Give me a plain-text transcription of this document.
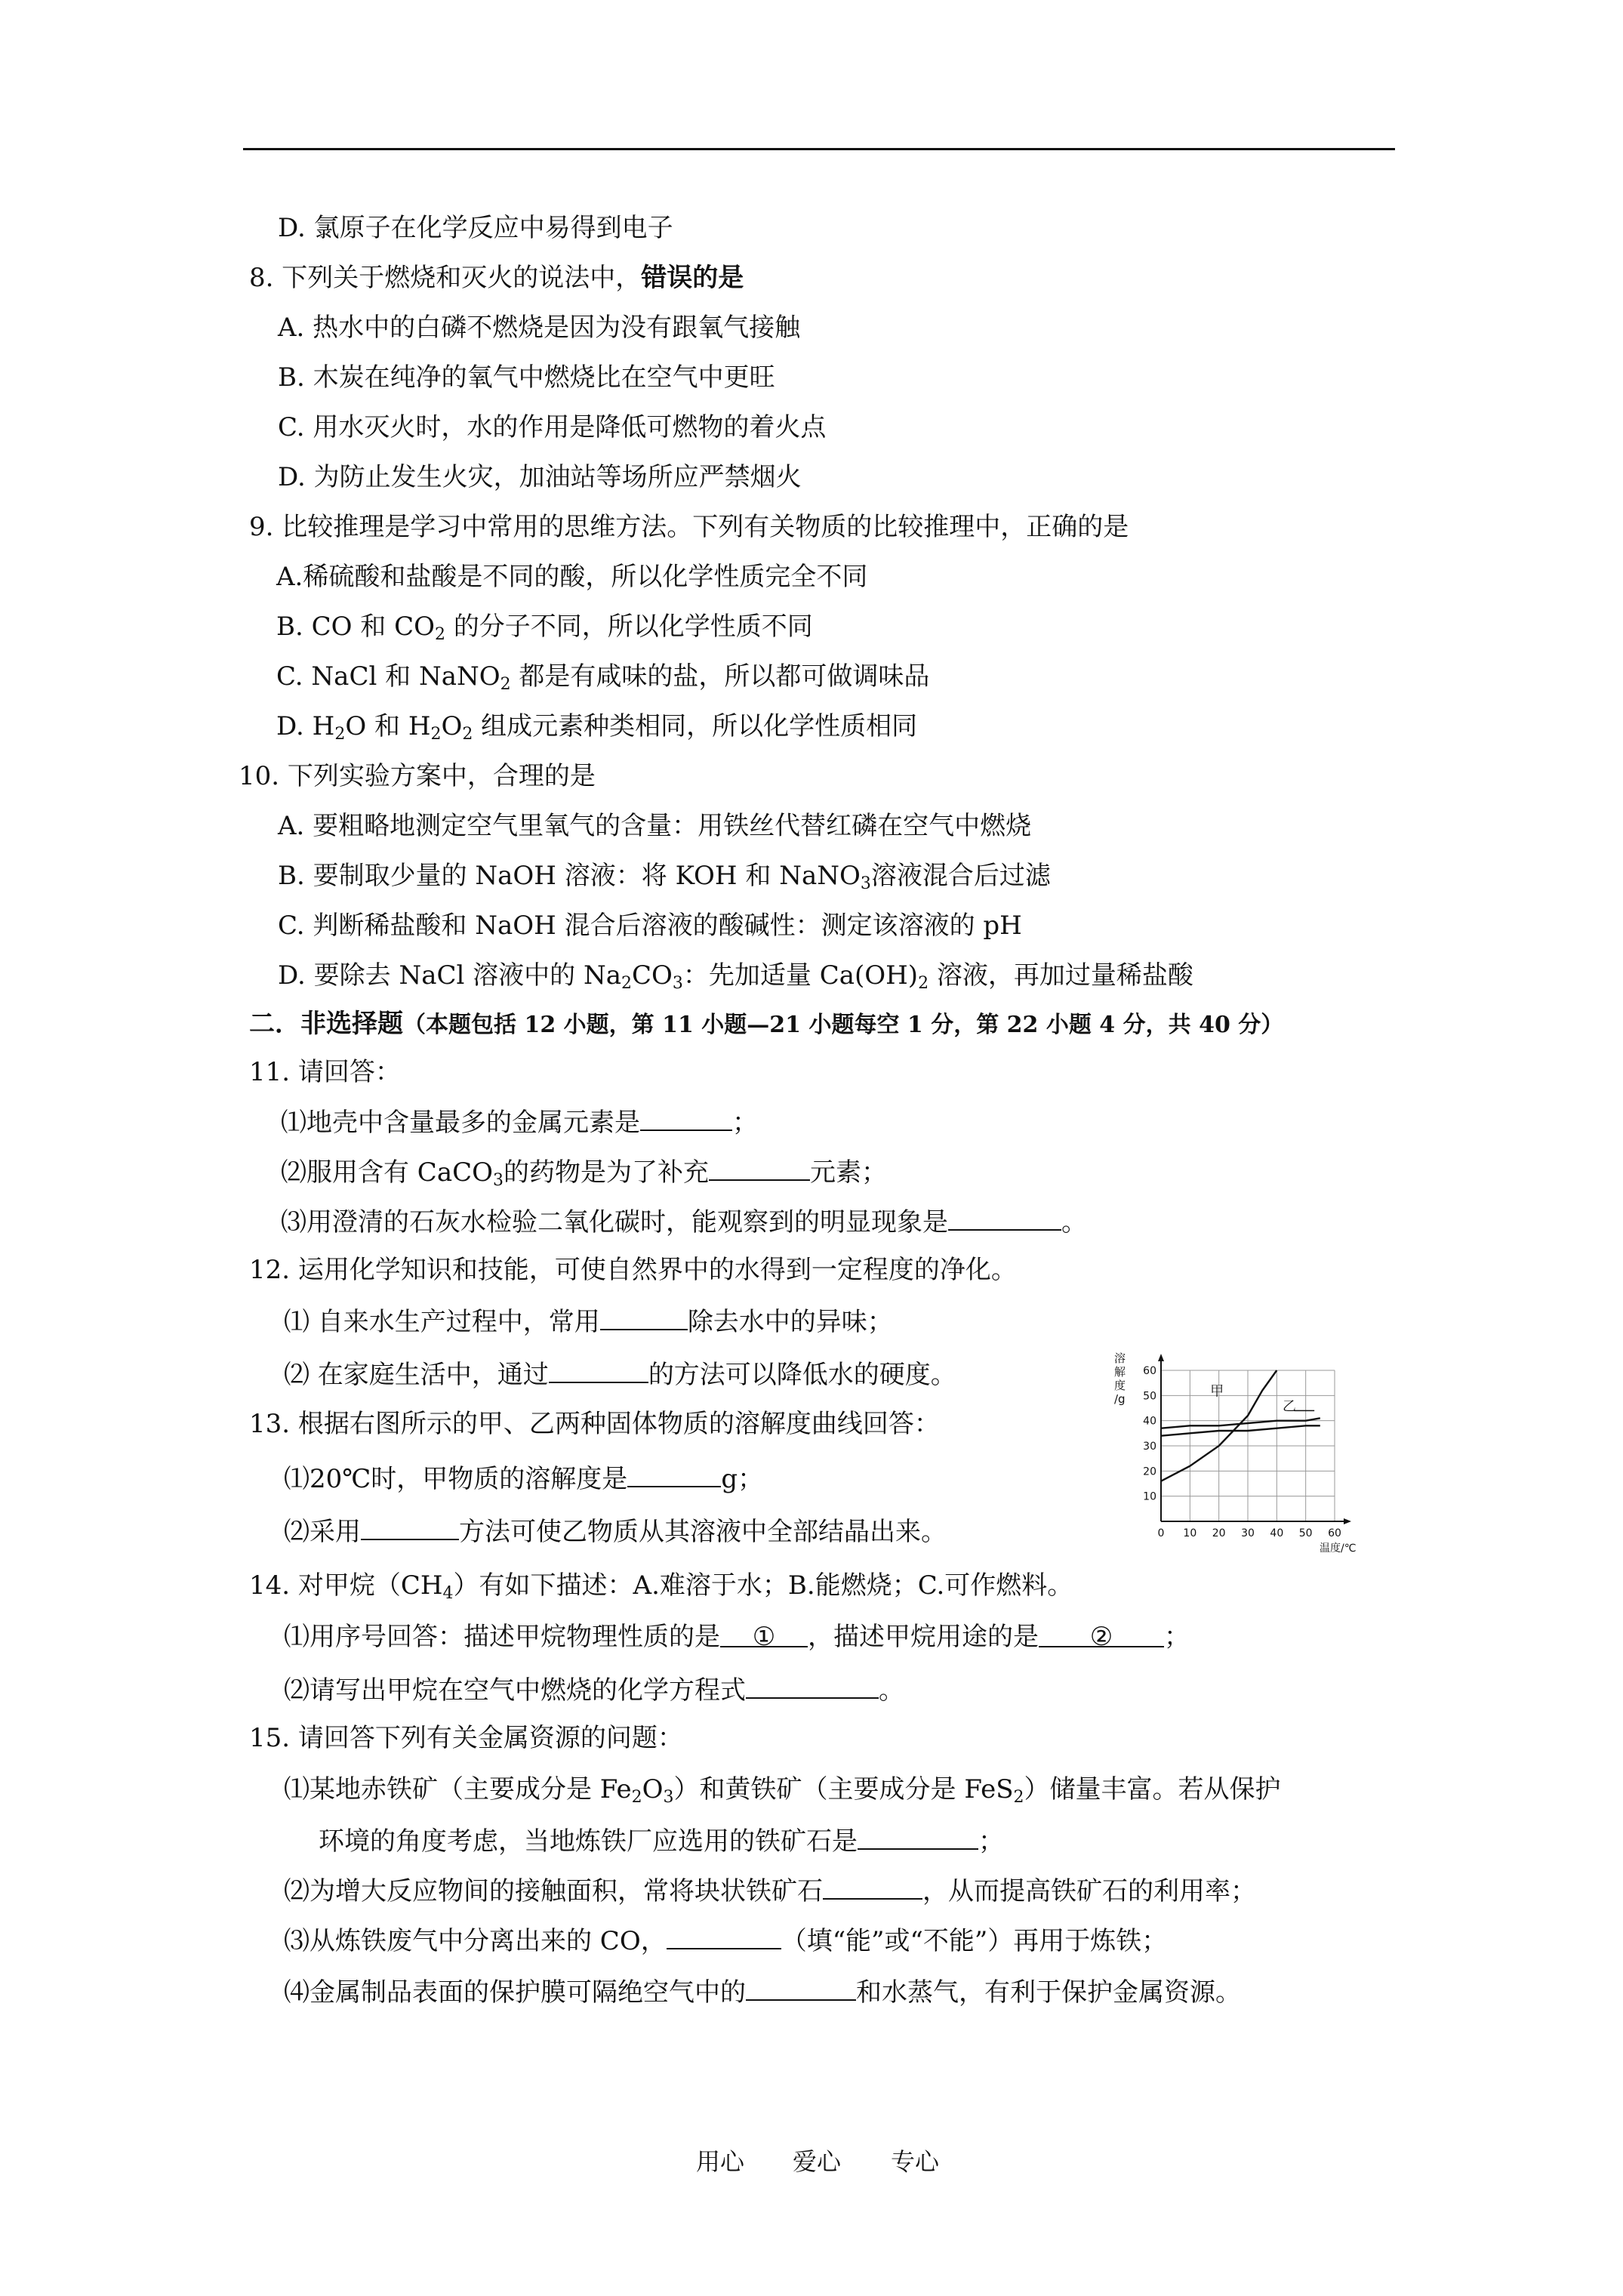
D. 氯原子在化学反应中易得到电子
8. 下列关于燃烧和灭火的说法中，错误的是
A. 热水中的白磷不燃烧是因为没有跟氧气接触
B. 木炭在纯净的氧气中燃烧比在空气中更旺
C. 用水灭火时，水的作用是降低可燃物的着火点
D. 为防止发生火灾，加油站等场所应严禁烟火
9. 比较推理是学习中常用的思维方法。下列有关物质的比较推理中，正确的是
A.稀硫酸和盐酸是不同的酸，所以化学性质完全不同
B. CO 和 $CO_2$ 的分子不同，所以化学性质不同
C. NaCl 和 NaNO$_2$ 都是有咸味的盐，所以都可做调味品
D. $H_2O$ 和 $H_2O_2$ 组成元素种类相同，所以化学性质相同
10. 下列实验方案中，合理的是
A. 要粗略地测定空气里氧气的含量：用铁丝代替红磷在空气中燃烧
B. 要制取少量的 NaOH 溶液：将 KOH 和 NaNO$_3$溶液混合后过滤
C. 判断稀盐酸和 NaOH 混合后溶液的酸碱性：测定该溶液的 pH
D. 要除去 NaCl 溶液中的 $Na_2CO_3$：先加适量 $Ca(OH)_2$ 溶液，再加过量稀盐酸
二．非选择题（本题包括 12 小题，第 11 小题—21 小题每空 1 分，第 22 小题 4 分，共 40 分）
11. 请回答：
⑴地壳中含量最多的金属元素是	；
⑵服用含有 CaCO$_3$的药物是为了补充	元素；
⑶用澄清的石灰水检验二氧化碳时，能观察到的明显现象是	。
12. 运用化学知识和技能，可使自然界中的水得到一定程度的净化。
⑴ 自来水生产过程中，常用	除去水中的异味；
⑵ 在家庭生活中，通过	的方法可以降低水的硬度。
13. 根据右图所示的甲、乙两种固体物质的溶解度曲线回答：
⑴20℃时，甲物质的溶解度是	g；
⑵采用	方法可使乙物质从其溶液中全部结晶出来。
10
20
30
40
50
60
0 10 20 30 40 50 60
溶
解
度
/g
温度/℃
甲
乙
14. 对甲烷$(CH_4)$有如下描述：A.难溶于水；B.能燃烧；C.可作燃料。
⑴用序号回答：描述甲烷物理性质的是 ① ，描述甲烷用途的是 ② ；
⑵请写出甲烷在空气中燃烧的化学方程式	。
15. 请回答下列有关金属资源的问题：
⑴某地赤铁矿（主要成分是 $Fe_2O_3$）和黄铁矿（主要成分是 FeS$_2$）储量丰富。若从保护
环境的角度考虑，当地炼铁厂应选用的铁矿石是	；
⑵为增大反应物间的接触面积，常将块状铁矿石	，从而提高铁矿石的利用率；
⑶从炼铁废气中分离出来的 CO，	（填“能”或“不能”）再用于炼铁；
⑷金属制品表面的保护膜可隔绝空气中的	和水蒸气，有利于保护金属资源。
用心 爱心 专心
